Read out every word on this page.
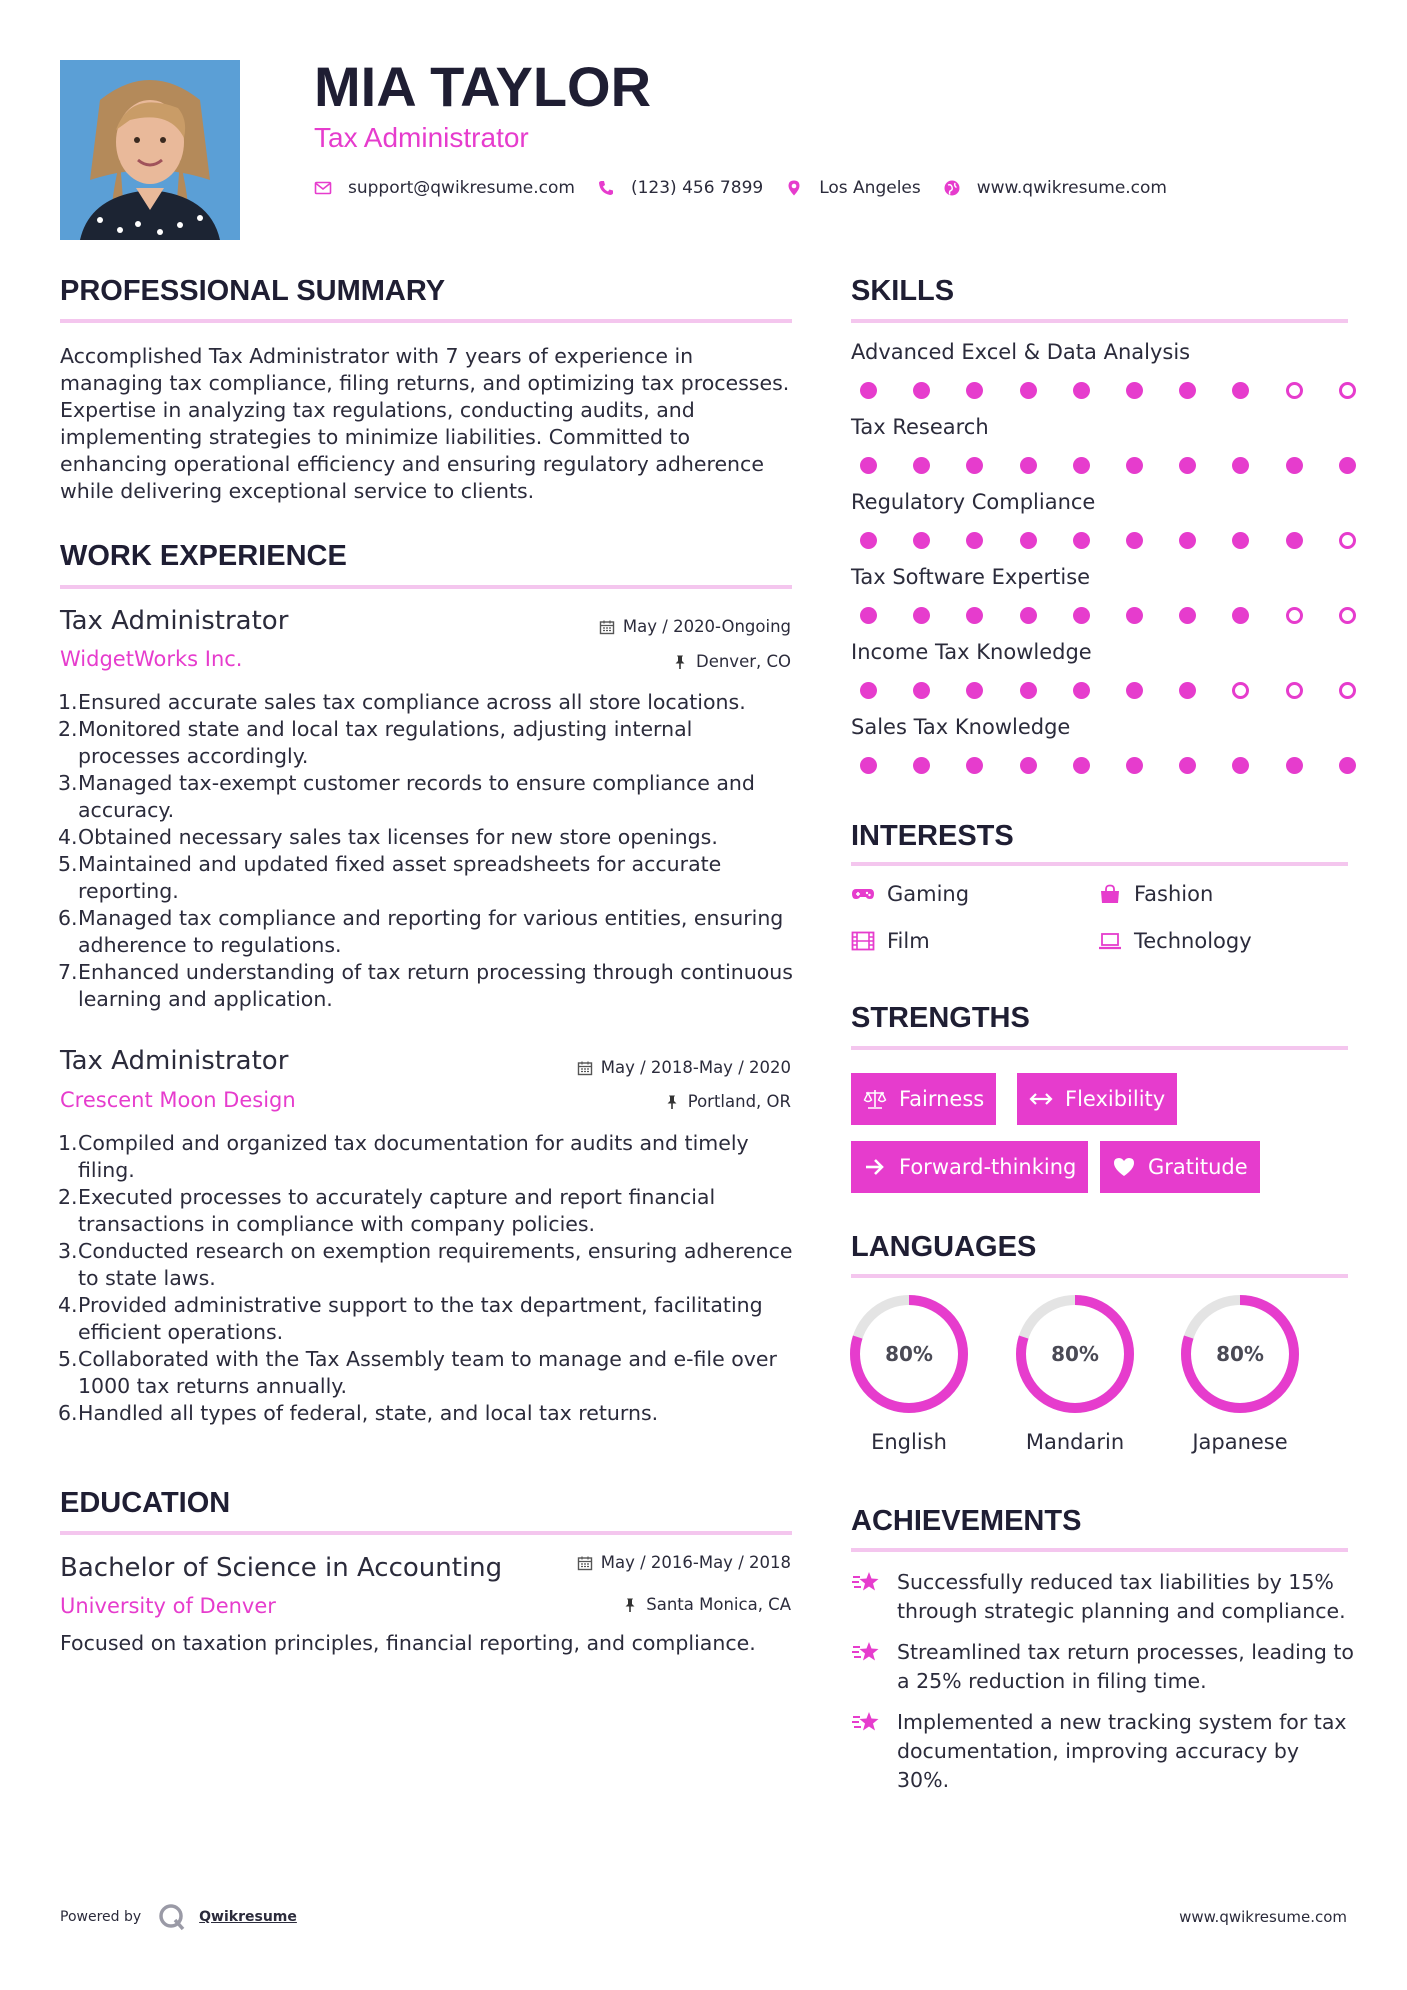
MIA TAYLOR
Tax Administrator
support@qwikresume.com	(123) 456 7899	Los Angeles	www.qwikresume.com
PROFESSIONAL SUMMARY
Accomplished Tax Administrator with 7 years of experience in managing tax compliance, filing returns, and optimizing tax processes. Expertise in analyzing tax regulations, conducting audits, and implementing strategies to minimize liabilities. Committed to enhancing operational efficiency and ensuring regulatory adherence while delivering exceptional service to clients.
WORK EXPERIENCE
Tax Administrator	May / 2020-Ongoing
WidgetWorks Inc.	Denver, CO
Ensured accurate sales tax compliance across all store locations.
Monitored state and local tax regulations, adjusting internal processes accordingly.
Managed tax-exempt customer records to ensure compliance and accuracy.
Obtained necessary sales tax licenses for new store openings.
Maintained and updated fixed asset spreadsheets for accurate reporting.
Managed tax compliance and reporting for various entities, ensuring adherence to regulations.
Enhanced understanding of tax return processing through continuous learning and application.
Tax Administrator	May / 2018-May / 2020
Crescent Moon Design	Portland, OR
Compiled and organized tax documentation for audits and timely filing.
Executed processes to accurately capture and report financial transactions in compliance with company policies.
Conducted research on exemption requirements, ensuring adherence to state laws.
Provided administrative support to the tax department, facilitating efficient operations.
Collaborated with the Tax Assembly team to manage and e-file over 1000 tax returns annually.
Handled all types of federal, state, and local tax returns.
EDUCATION
Bachelor of Science in Accounting	May / 2016-May / 2018
University of Denver	Santa Monica, CA
Focused on taxation principles, financial reporting, and compliance.
SKILLS
Advanced Excel & Data Analysis
Tax Research
Regulatory Compliance
Tax Software Expertise
Income Tax Knowledge
Sales Tax Knowledge
INTERESTS
Gaming	Fashion
Film	Technology
STRENGTHS
Fairness	Flexibility
Forward-thinking	Gratitude
LANGUAGES
80%
English
80%
Mandarin
80%
Japanese
ACHIEVEMENTS
Successfully reduced tax liabilities by 15% through strategic planning and compliance.
Streamlined tax return processes, leading to a 25% reduction in filing time.
Implemented a new tracking system for tax documentation, improving accuracy by 30%.
Powered by	Qwikresume	www.qwikresume.com
